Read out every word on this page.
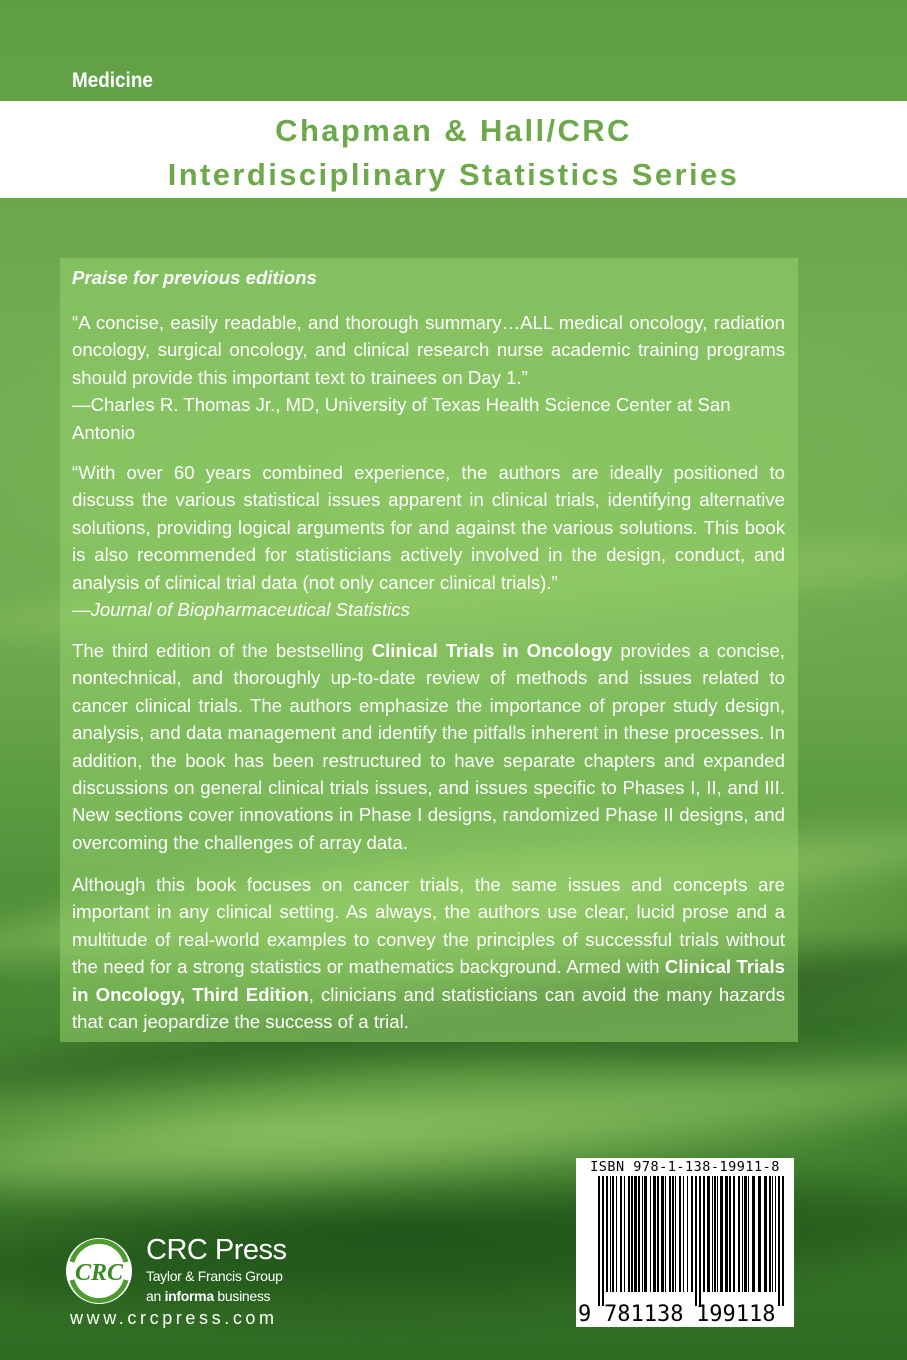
Medicine
Chapman & Hall/CRC
Interdisciplinary Statistics Series
Praise for previous editions

“A concise, easily readable, and thorough summary…ALL medical oncology, radiation oncology, surgical oncology, and clinical research nurse academic training programs should provide this important text to trainees on Day 1.”
—Charles R. Thomas Jr., MD, University of Texas Health Science Center at San Antonio

“With over 60 years combined experience, the authors are ideally positioned to discuss the various statistical issues apparent in clinical trials, identifying alternative solutions, providing logical arguments for and against the various solutions. This book is also recommended for statisticians actively involved in the design, conduct, and analysis of clinical trial data (not only cancer clinical trials).”
—Journal of Biopharmaceutical Statistics

The third edition of the bestselling Clinical Trials in Oncology provides a concise, nontechnical, and thoroughly up-to-date review of methods and issues related to cancer clinical trials. The authors emphasize the importance of proper study design, analysis, and data management and identify the pitfalls inherent in these processes. In addition, the book has been restructured to have separate chapters and expanded discussions on general clinical trials issues, and issues specific to Phases I, II, and III. New sections cover innovations in Phase I designs, randomized Phase II designs, and overcoming the challenges of array data.

Although this book focuses on cancer trials, the same issues and concepts are important in any clinical setting. As always, the authors use clear, lucid prose and a multitude of real-world examples to convey the principles of successful trials without the need for a strong statistics or mathematics background. Armed with Clinical Trials in Oncology, Third Edition, clinicians and statisticians can avoid the many hazards that can jeopardize the success of a trial.

CRC
CRC Press
Taylor & Francis Group
an informa business
www.crcpress.com
ISBN 978-1-138-19911-8
9 781138 199118
